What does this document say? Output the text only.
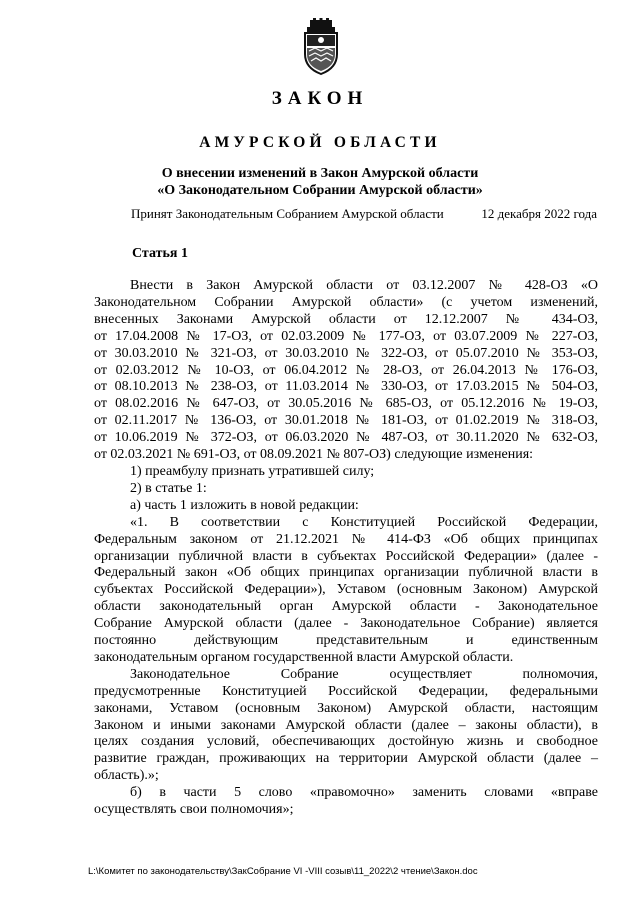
ЗАКОН
АМУРСКОЙ ОБЛАСТИ
О внесении изменений в Закон Амурской области
«О Законодательном Собрании Амурской области»
Принят Законодательным Собранием Амурской области	12 декабря 2022 года
Статья 1

Внести в Закон Амурской области от 03.12.2007 № 428-ОЗ «О

Законодательном Собрании Амурской области» (с учетом изменений,

внесенных Законами Амурской области от 12.12.2007 № 434-ОЗ,

от 17.04.2008 № 17-ОЗ, от 02.03.2009 № 177-ОЗ, от 03.07.2009 № 227-ОЗ,

от 30.03.2010 № 321-ОЗ, от 30.03.2010 № 322-ОЗ, от 05.07.2010 № 353-ОЗ,

от 02.03.2012 № 10-ОЗ, от 06.04.2012 № 28-ОЗ, от 26.04.2013 № 176-ОЗ,

от 08.10.2013 № 238-ОЗ, от 11.03.2014 № 330-ОЗ, от 17.03.2015 № 504-ОЗ,

от 08.02.2016 № 647-ОЗ, от 30.05.2016 № 685-ОЗ, от 05.12.2016 № 19-ОЗ,

от 02.11.2017 № 136-ОЗ, от 30.01.2018 № 181-ОЗ, от 01.02.2019 № 318-ОЗ,

от 10.06.2019 № 372-ОЗ, от 06.03.2020 № 487-ОЗ, от 30.11.2020 № 632-ОЗ,

от 02.03.2021 № 691-ОЗ, от 08.09.2021 № 807-ОЗ) следующие изменения:

1) преамбулу признать утратившей силу;

2) в статье 1:

а) часть 1 изложить в новой редакции:

«1. В соответствии с Конституцией Российской Федерации,

Федеральным законом от 21.12.2021 № 414-ФЗ «Об общих принципах

организации публичной власти в субъектах Российской Федерации» (далее -

Федеральный закон «Об общих принципах организации публичной власти в

субъектах Российской Федерации»), Уставом (основным Законом) Амурской

области законодательный орган Амурской области - Законодательное

Собрание Амурской области (далее - Законодательное Собрание) является

постоянно действующим представительным и единственным

законодательным органом государственной власти Амурской области.

Законодательное Собрание осуществляет полномочия,

предусмотренные Конституцией Российской Федерации, федеральными

законами, Уставом (основным Законом) Амурской области, настоящим

Законом и иными законами Амурской области (далее – законы области), в

целях создания условий, обеспечивающих достойную жизнь и свободное

развитие граждан, проживающих на территории Амурской области (далее –

область).»;

б) в части 5 слово «правомочно» заменить словами «вправе

осуществлять свои полномочия»;

L:\Комитет по законодательству\ЗакСобрание VI -VIII созыв\11_2022\2 чтение\Закон.doc
